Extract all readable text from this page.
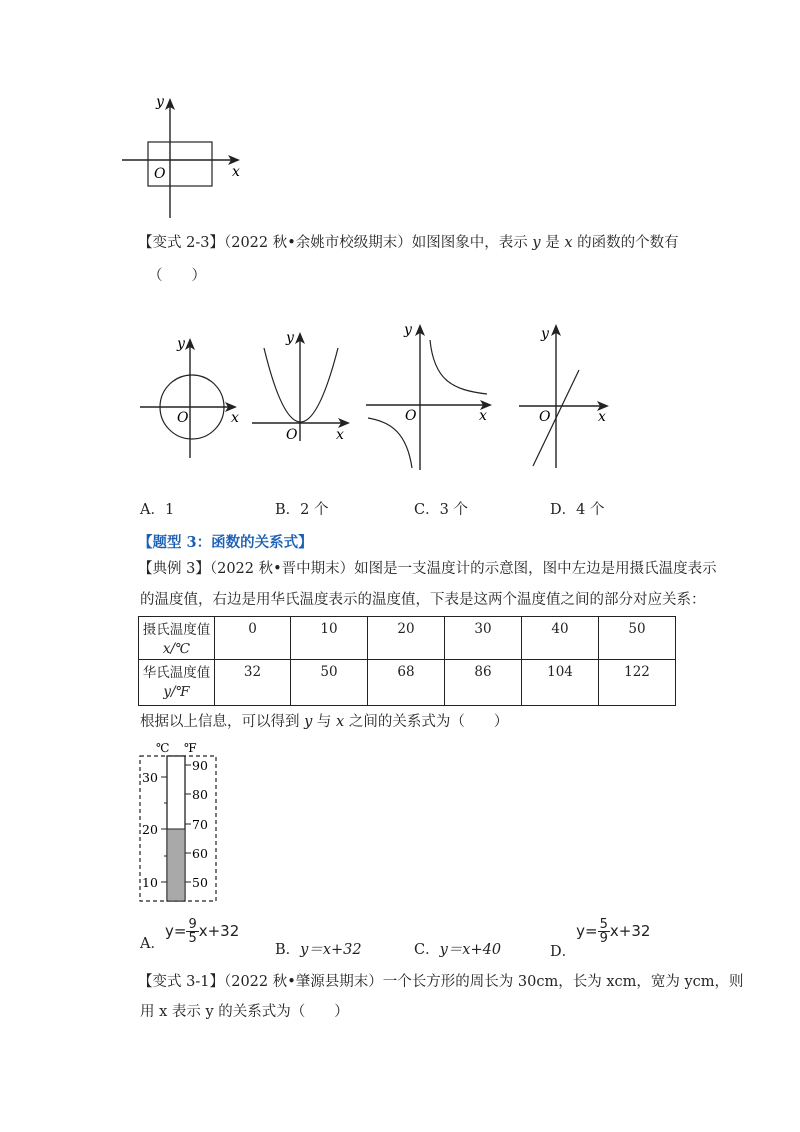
y
x
O
【变式 2-3】（2022 秋•余姚市校级期末）如图图象中，表示 y 是 x 的函数的个数有
（　　）
y
x
O
y
x
O
y
x
O
y
x
O
A．1	B．2 个	C．3 个	D．4 个
【题型 3：函数的关系式】
【典例 3】（2022 秋•晋中期末）如图是一支温度计的示意图，图中左边是用摄氏温度表示
的温度值，右边是用华氏温度表示的温度值，下表是这两个温度值之间的部分对应关系：
摄氏温度值
x/℃	0	10	20	30	40	50
华氏温度值
y/℉	32	50	68	86	104	122
根据以上信息，可以得到 y 与 x 之间的关系式为（　　）
℃ ℉
30
20
10
90
80
70
60
50
A．$y= \frac{9}{5} x+32$
B．y＝x+32	C．y＝x+40	D．$y= \frac{5}{9} x+32$
【变式 3-1】（2022 秋•肇源县期末）一个长方形的周长为 30cm，长为 xcm，宽为 ycm，则
用 x 表示 y 的关系式为（　　）
